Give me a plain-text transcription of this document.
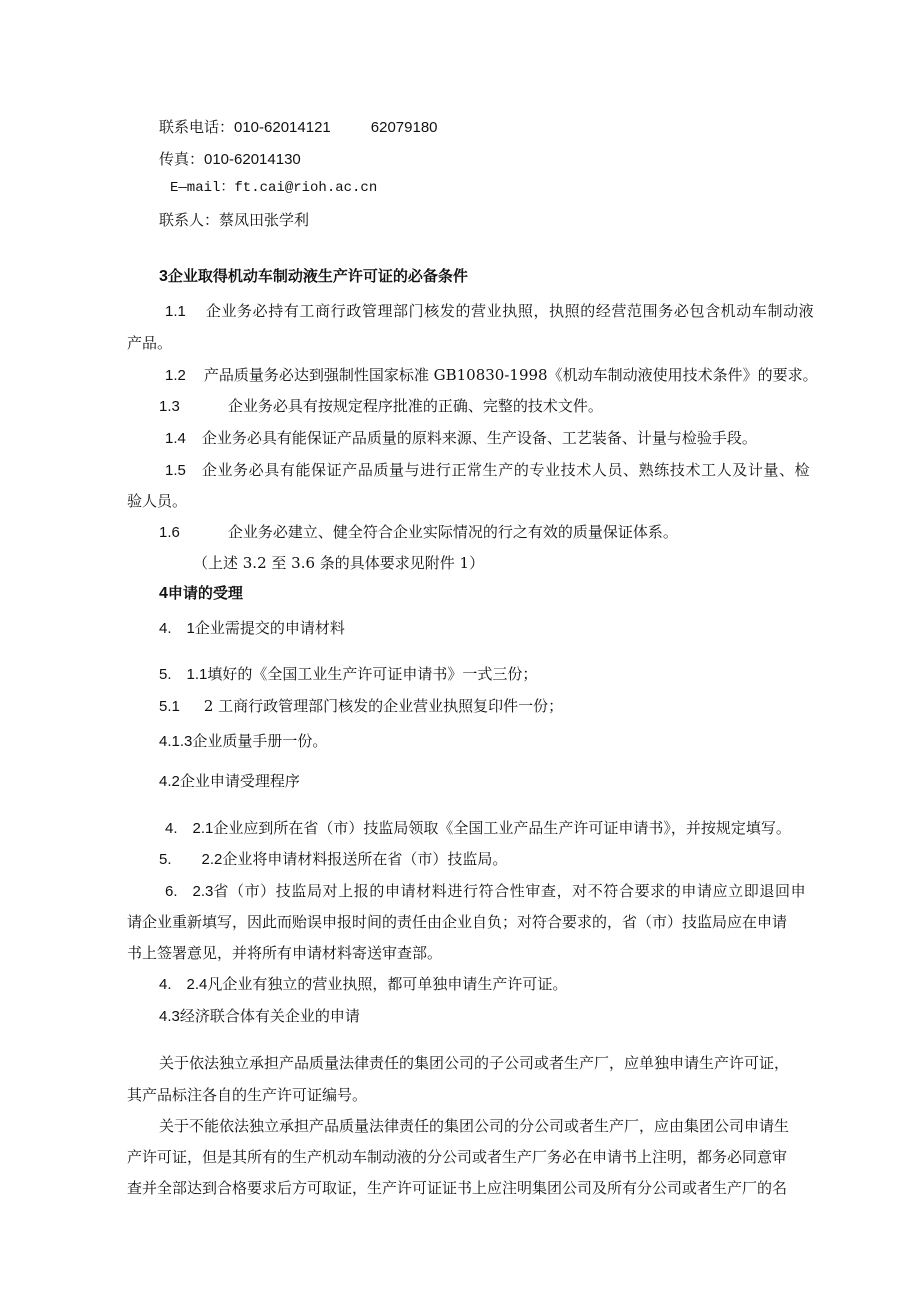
联系电话：010-62014121	62079180
传真：010-62014130
E—mail：ft.cai@rioh.ac.cn
联系人：蔡凤田张学利
3企业取得机动车制动液生产许可证的必备条件
1.1 企业务必持有工商行政管理部门核发的营业执照，执照的经营范围务必包含机动车制动液
产品。
1.2 产品质量务必达到强制性国家标准 GB10830-1998《机动车制动液使用技术条件》的要求。
1.3	企业务必具有按规定程序批准的正确、完整的技术文件。
1.4 企业务必具有能保证产品质量的原料来源、生产设备、工艺装备、计量与检验手段。
1.5 企业务必具有能保证产品质量与进行正常生产的专业技术人员、熟练技术工人及计量、检
验人员。
1.6	企业务必建立、健全符合企业实际情况的行之有效的质量保证体系。
（上述 3.2 至 3.6 条的具体要求见附件 1）
4申请的受理
4.　1企业需提交的申请材料
5.　1.1填好的《全国工业生产许可证申请书》一式三份；
5.1 2 工商行政管理部门核发的企业营业执照复印件一份；
4.1.3企业质量手册一份。
4.2企业申请受理程序
4.　2.1企业应到所在省（市）技监局领取《全国工业产品生产许可证申请书》，并按规定填写。
5.　　2.2企业将申请材料报送所在省（市）技监局。
6.　2.3省（市）技监局对上报的申请材料进行符合性审查，对不符合要求的申请应立即退回申
请企业重新填写，因此而贻误申报时间的责任由企业自负；对符合要求的，省（市）技监局应在申请
书上签署意见，并将所有申请材料寄送审查部。
4.　2.4凡企业有独立的营业执照，都可单独申请生产许可证。
4.3经济联合体有关企业的申请
关于依法独立承担产品质量法律责任的集团公司的子公司或者生产厂，应单独申请生产许可证，
其产品标注各自的生产许可证编号。
关于不能依法独立承担产品质量法律责任的集团公司的分公司或者生产厂，应由集团公司申请生
产许可证，但是其所有的生产机动车制动液的分公司或者生产厂务必在申请书上注明，都务必同意审
查并全部达到合格要求后方可取证，生产许可证证书上应注明集团公司及所有分公司或者生产厂的名
